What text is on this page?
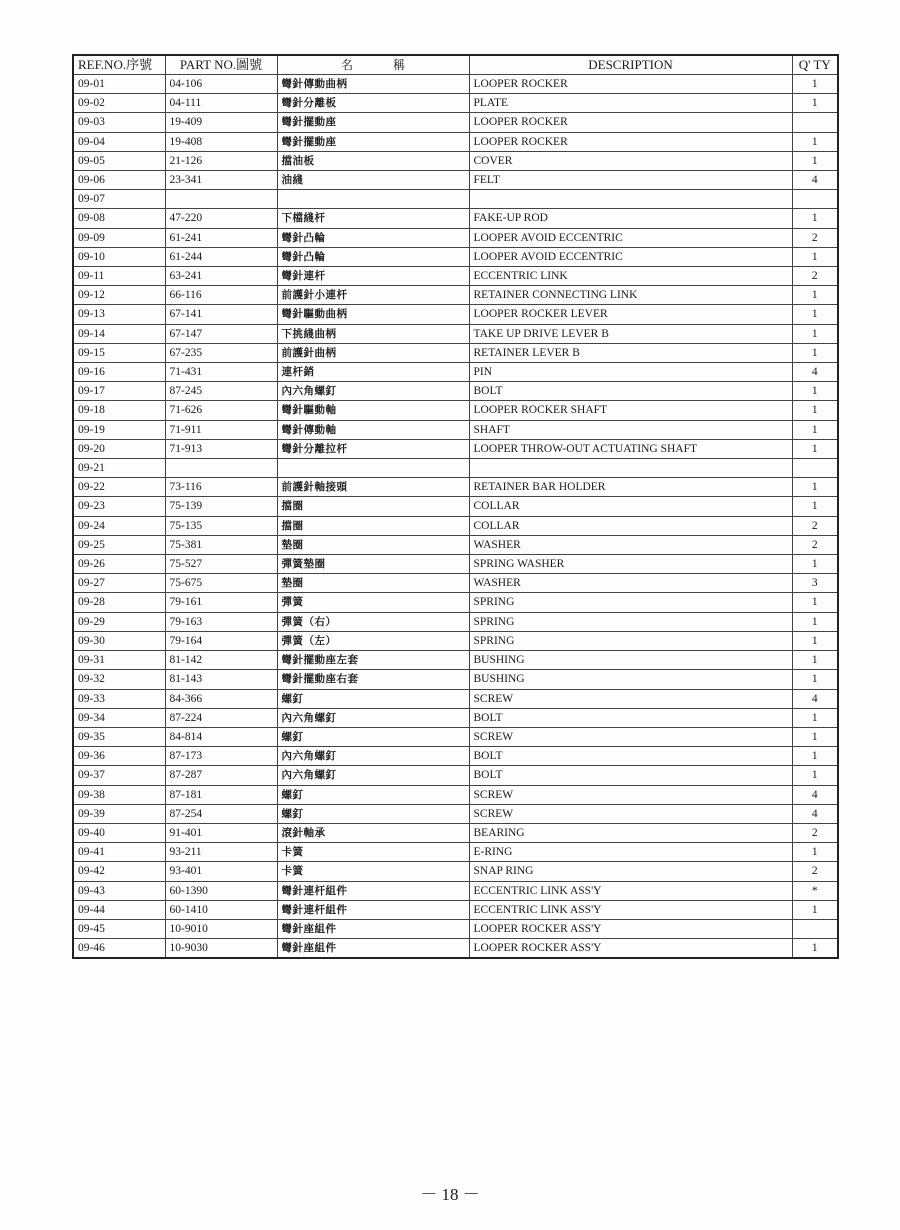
REF.NO.序號	PART NO.圖號	名稱	DESCRIPTION	Q' TY
09-01	04-106	彎針傳動曲柄	LOOPER ROCKER	1
09-02	04-111	彎針分離板	PLATE	1
09-03	19-409	彎針擺動座	LOOPER ROCKER	
09-04	19-408	彎針擺動座	LOOPER ROCKER	1
09-05	21-126	擋油板	COVER	1
09-06	23-341	油綫	FELT	4
09-07				
09-08	47-220	下檔綫杆	FAKE-UP ROD	1
09-09	61-241	彎針凸輪	LOOPER AVOID ECCENTRIC	2
09-10	61-244	彎針凸輪	LOOPER AVOID ECCENTRIC	1
09-11	63-241	彎針連杆	ECCENTRIC LINK	2
09-12	66-116	前護針小連杆	RETAINER CONNECTING LINK	1
09-13	67-141	彎針驅動曲柄	LOOPER ROCKER LEVER	1
09-14	67-147	下挑綫曲柄	TAKE UP DRIVE LEVER B	1
09-15	67-235	前護針曲柄	RETAINER LEVER B	1
09-16	71-431	連杆銷	PIN	4
09-17	87-245	內六角螺釘	BOLT	1
09-18	71-626	彎針驅動軸	LOOPER ROCKER SHAFT	1
09-19	71-911	彎針傳動軸	SHAFT	1
09-20	71-913	彎針分離拉杆	LOOPER THROW-OUT ACTUATING SHAFT	1
09-21				
09-22	73-116	前護針軸接頭	RETAINER BAR HOLDER	1
09-23	75-139	擋圈	COLLAR	1
09-24	75-135	擋圈	COLLAR	2
09-25	75-381	墊圈	WASHER	2
09-26	75-527	彈簧墊圈	SPRING WASHER	1
09-27	75-675	墊圈	WASHER	3
09-28	79-161	彈簧	SPRING	1
09-29	79-163	彈簧（右）	SPRING	1
09-30	79-164	彈簧（左）	SPRING	1
09-31	81-142	彎針擺動座左套	BUSHING	1
09-32	81-143	彎針擺動座右套	BUSHING	1
09-33	84-366	螺釘	SCREW	4
09-34	87-224	內六角螺釘	BOLT	1
09-35	84-814	螺釘	SCREW	1
09-36	87-173	內六角螺釘	BOLT	1
09-37	87-287	內六角螺釘	BOLT	1
09-38	87-181	螺釘	SCREW	4
09-39	87-254	螺釘	SCREW	4
09-40	91-401	滾針軸承	BEARING	2
09-41	93-211	卡簧	E-RING	1
09-42	93-401	卡簧	SNAP RING	2
09-43	60-1390	彎針連杆組件	ECCENTRIC LINK ASS'Y	*
09-44	60-1410	彎針連杆組件	ECCENTRIC LINK ASS'Y	1
09-45	10-9010	彎針座組件	LOOPER ROCKER ASS'Y	
09-46	10-9030	彎針座組件	LOOPER ROCKER ASS'Y	1
－ 18 －
